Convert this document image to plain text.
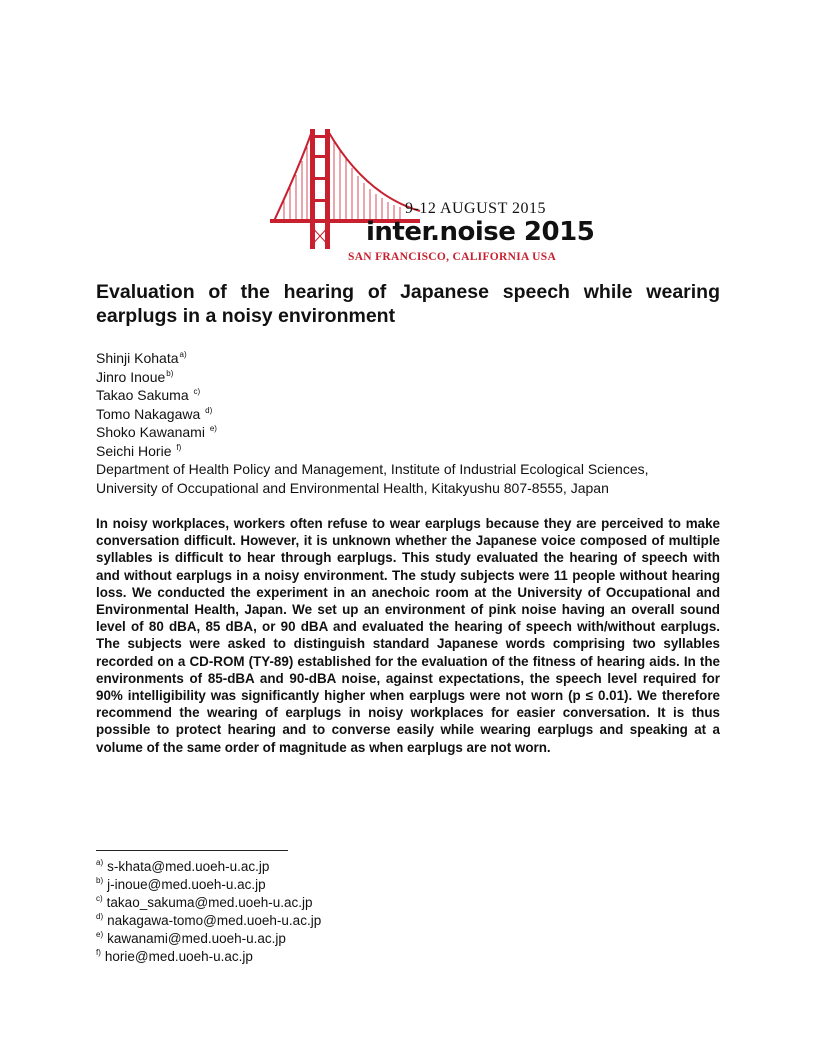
9-12 AUGUST 2015
inter.noise 2015
SAN FRANCISCO, CALIFORNIA USA
Evaluation of the hearing of Japanese speech while wearing earplugs in a noisy environment
Shinji Kohata$^{a)}$
Jinro Inoue$^{b)}$
Takao Sakuma $^{c)}$
Tomo Nakagawa $^{d)}$
Shoko Kawanami $^{e)}$
Seichi Horie $^{f)}$
Department of Health Policy and Management, Institute of Industrial Ecological Sciences,
University of Occupational and Environmental Health, Kitakyushu 807-8555, Japan

In noisy workplaces, workers often refuse to wear earplugs because they are perceived to make conversation difficult. However, it is unknown whether the Japanese voice composed of multiple syllables is difficult to hear through earplugs. This study evaluated the hearing of speech with and without earplugs in a noisy environment. The study subjects were 11 people without hearing loss. We conducted the experiment in an anechoic room at the University of Occupational and Environmental Health, Japan. We set up an environment of pink noise having an overall sound level of 80 dBA, 85 dBA, or 90 dBA and evaluated the hearing of speech with/without earplugs. The subjects were asked to distinguish standard Japanese words comprising two syllables recorded on a CD-ROM (TY-89) established for the evaluation of the fitness of hearing aids. In the environments of 85-dBA and 90-dBA noise, against expectations, the speech level required for 90% intelligibility was significantly higher when earplugs were not worn (p ≤ 0.01). We therefore recommend the wearing of earplugs in noisy workplaces for easier conversation. It is thus possible to protect hearing and to converse easily while wearing earplugs and speaking at a volume of the same order of magnitude as when earplugs are not worn.

$^{a)}$ s-khata@med.uoeh-u.ac.jp
$^{b)}$ j-inoue@med.uoeh-u.ac.jp
$^{c)}$ takao_sakuma@med.uoeh-u.ac.jp
$^{d)}$ nakagawa-tomo@med.uoeh-u.ac.jp
$^{e)}$ kawanami@med.uoeh-u.ac.jp
$^{f)}$ horie@med.uoeh-u.ac.jp
